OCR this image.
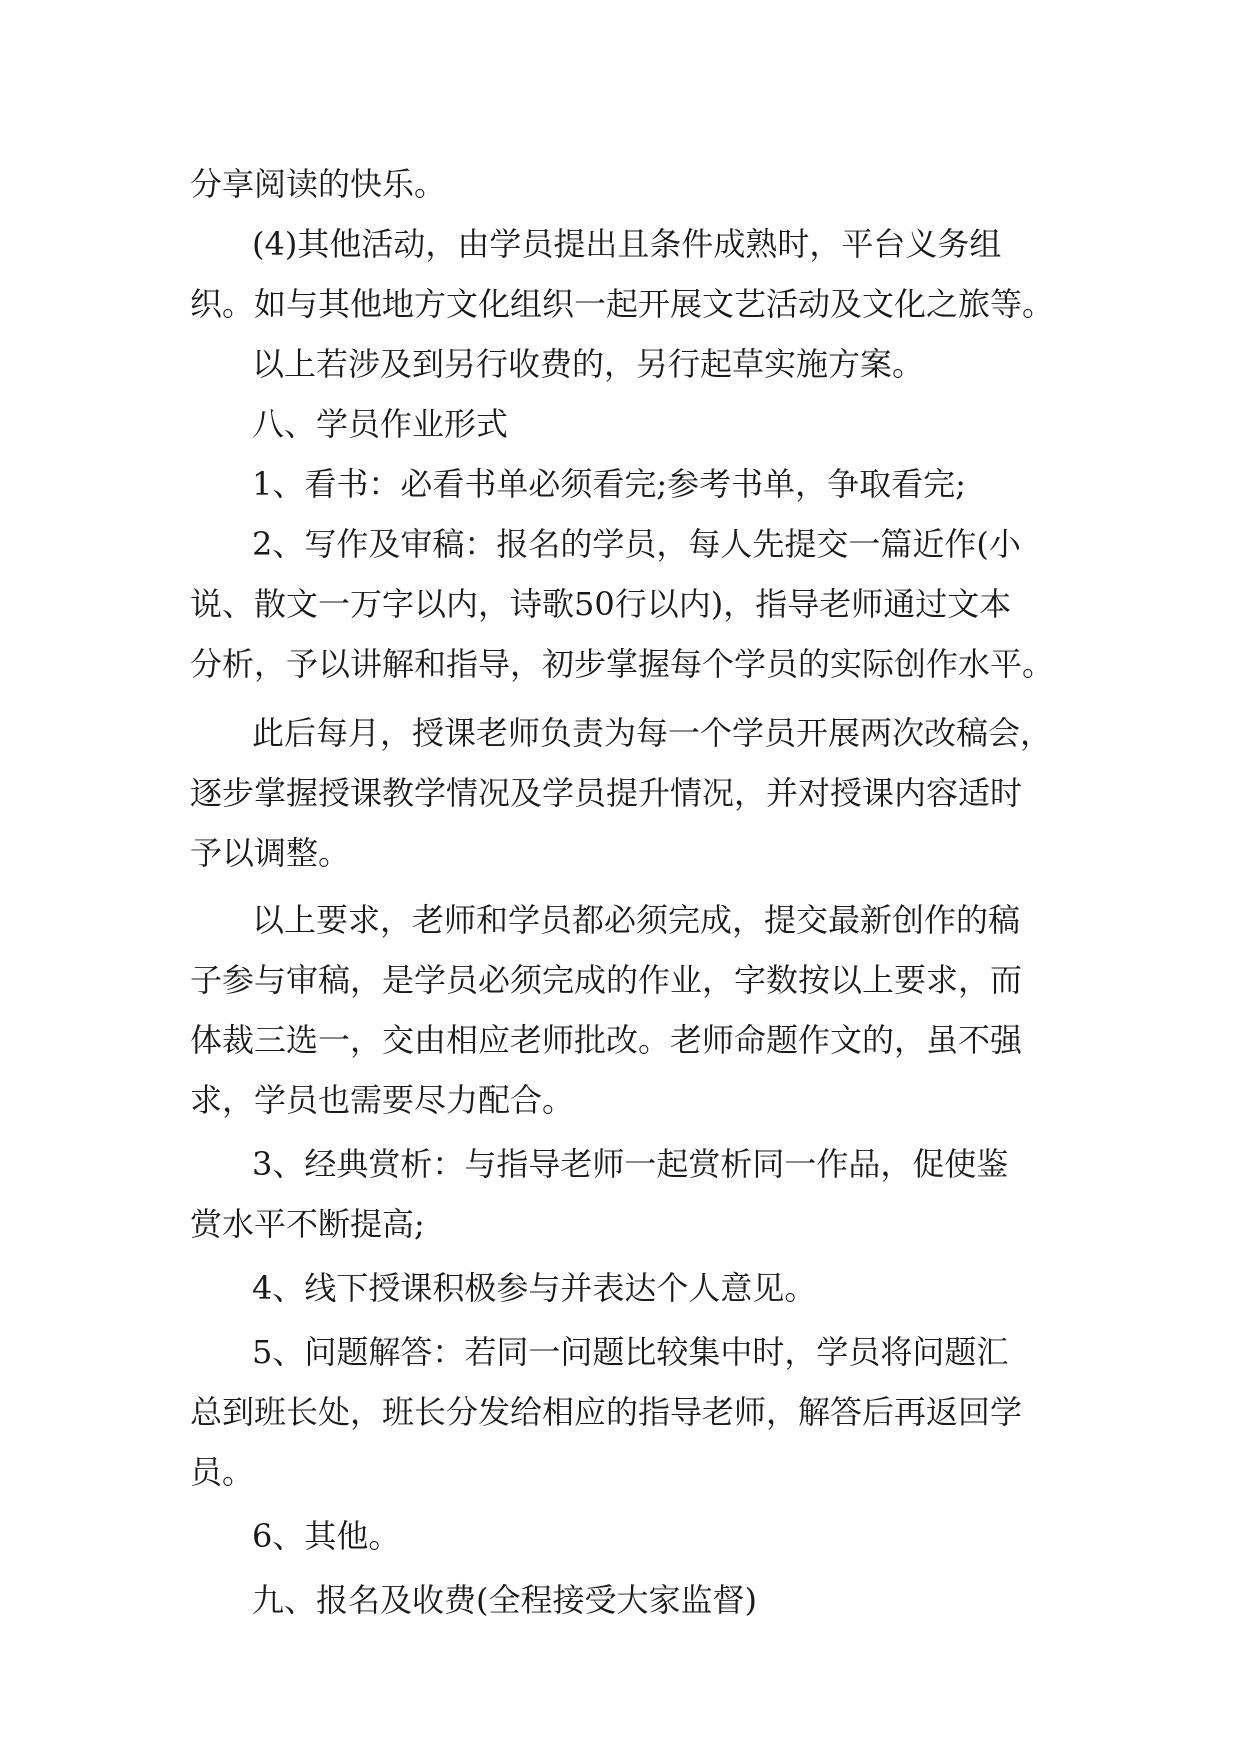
分享阅读的快乐。
(4)其他活动，由学员提出且条件成熟时，平台义务组
织。如与其他地方文化组织一起开展文艺活动及文化之旅等。
以上若涉及到另行收费的，另行起草实施方案。
八、学员作业形式
1、看书：必看书单必须看完;参考书单，争取看完;
2、写作及审稿：报名的学员，每人先提交一篇近作(小
说、散文一万字以内，诗歌50行以内)，指导老师通过文本
分析，予以讲解和指导，初步掌握每个学员的实际创作水平。
此后每月，授课老师负责为每一个学员开展两次改稿会，
逐步掌握授课教学情况及学员提升情况，并对授课内容适时
予以调整。
以上要求，老师和学员都必须完成，提交最新创作的稿
子参与审稿，是学员必须完成的作业，字数按以上要求，而
体裁三选一，交由相应老师批改。老师命题作文的，虽不强
求，学员也需要尽力配合。
3、经典赏析：与指导老师一起赏析同一作品，促使鉴
赏水平不断提高;
4、线下授课积极参与并表达个人意见。
5、问题解答：若同一问题比较集中时，学员将问题汇
总到班长处，班长分发给相应的指导老师，解答后再返回学
员。
6、其他。
九、报名及收费(全程接受大家监督)
